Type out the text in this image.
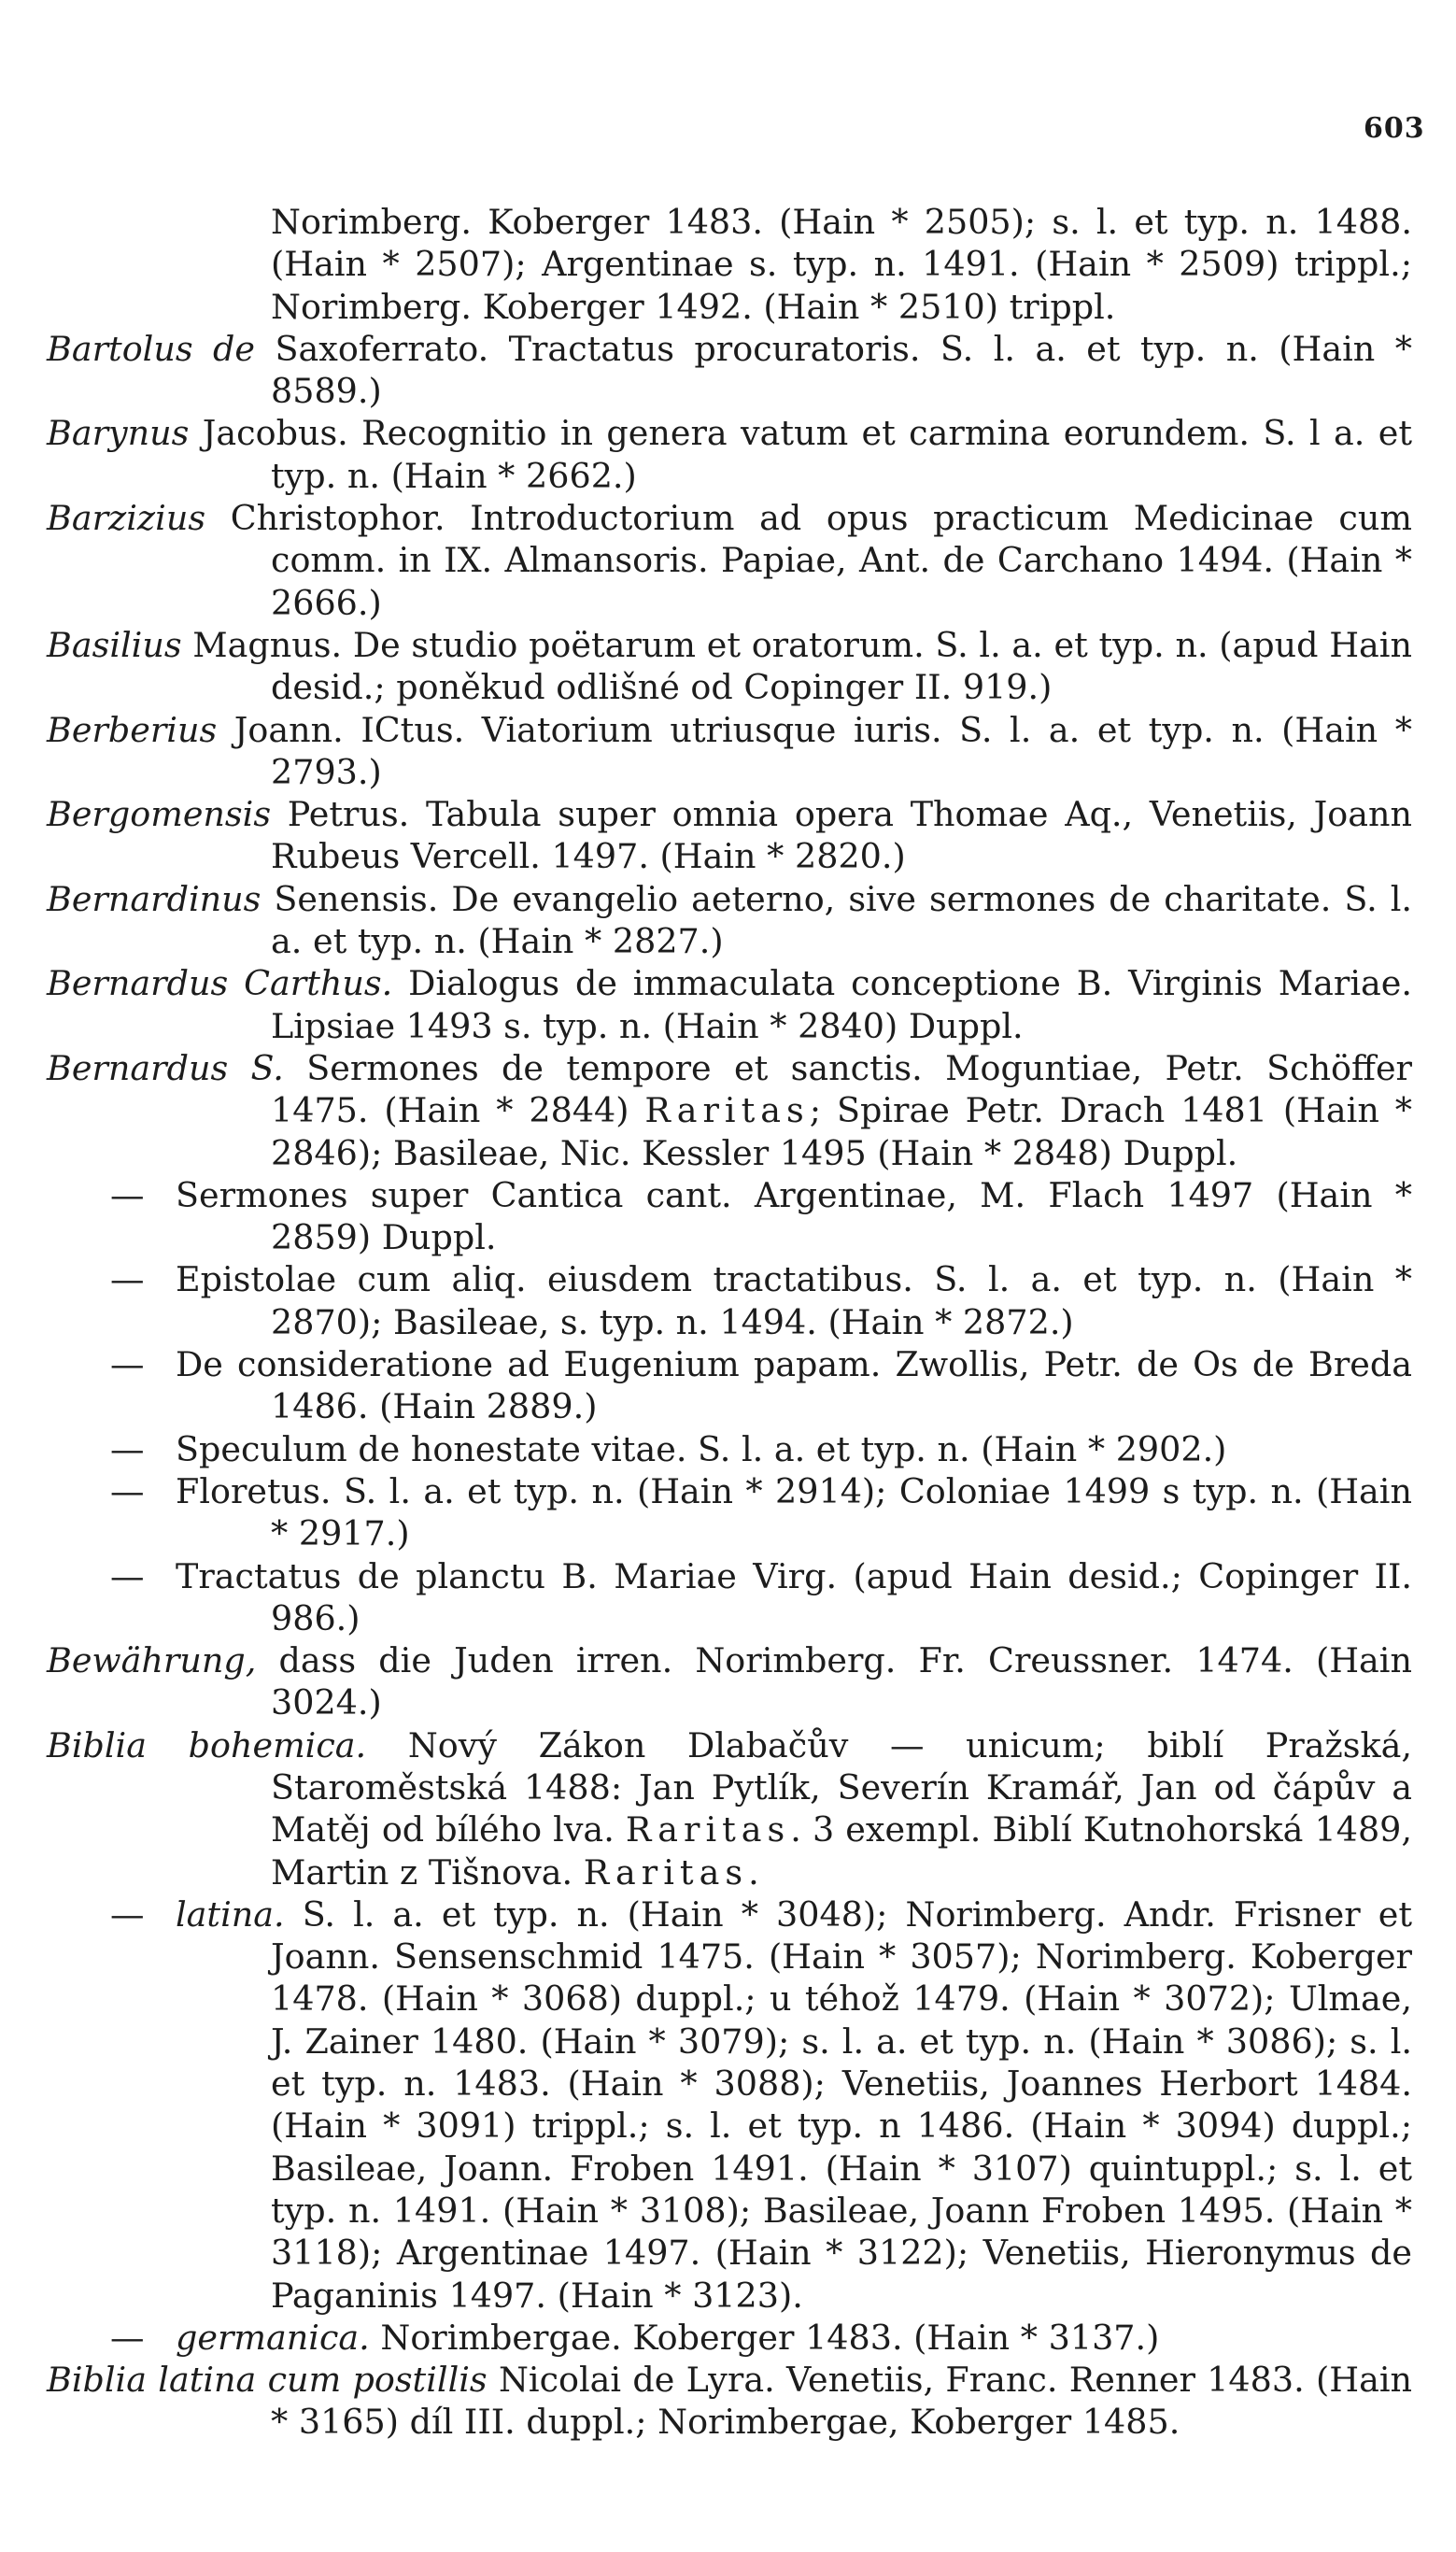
603

Norimberg. Koberger 1483. (Hain * 2505); s. l. et typ. n. 1488. (Hain * 2507); Argentinae s. typ. n. 1491. (Hain * 2509) trippl.; Norimberg. Koberger 1492. (Hain * 2510) trippl.

Bartolus de Saxoferrato. Tractatus procuratoris. S. l. a. et typ. n. (Hain * 8589.)

Barynus Jacobus. Recognitio in genera vatum et carmina eorundem. S. l a. et typ. n. (Hain * 2662.)

Barzizius Christophor. Introductorium ad opus practicum Medicinae cum comm. in IX. Almansoris. Papiae, Ant. de Carchano 1494. (Hain * 2666.)

Basilius Magnus. De studio poëtarum et oratorum. S. l. a. et typ. n. (apud Hain desid.; poněkud odlišné od Copinger II. 919.)

Berberius Joann. ICtus. Viatorium utriusque iuris. S. l. a. et typ. n. (Hain * 2793.)

Bergomensis Petrus. Tabula super omnia opera Thomae Aq., Venetiis, Joann Rubeus Vercell. 1497. (Hain * 2820.)

Bernardinus Senensis. De evangelio aeterno, sive sermones de charitate. S. l. a. et typ. n. (Hain * 2827.)

Bernardus Carthus. Dialogus de immaculata conceptione B. Virginis Mariae. Lipsiae 1493 s. typ. n. (Hain * 2840) Duppl.

Bernardus S. Sermones de tempore et sanctis. Moguntiae, Petr. Schöffer 1475. (Hain * 2844) Raritas; Spirae Petr. Drach 1481 (Hain * 2846); Basileae, Nic. Kessler 1495 (Hain * 2848) Duppl.

— Sermones super Cantica cant. Argentinae, M. Flach 1497 (Hain * 2859) Duppl.

— Epistolae cum aliq. eiusdem tractatibus. S. l. a. et typ. n. (Hain * 2870); Basileae, s. typ. n. 1494. (Hain * 2872.)

— De consideratione ad Eugenium papam. Zwollis, Petr. de Os de Breda 1486. (Hain 2889.)

— Speculum de honestate vitae. S. l. a. et typ. n. (Hain * 2902.)

— Floretus. S. l. a. et typ. n. (Hain * 2914); Coloniae 1499 s typ. n. (Hain * 2917.)

— Tractatus de planctu B. Mariae Virg. (apud Hain desid.; Copinger II. 986.)

Bewährung, dass die Juden irren. Norimberg. Fr. Creussner. 1474. (Hain 3024.)

Biblia bohemica. Nový Zákon Dlabačův — unicum; biblí Pražská, Staroměstská 1488: Jan Pytlík, Severín Kramář, Jan od čápův a Matěj od bílého lva. Raritas. 3 exempl. Biblí Kutnohorská 1489, Martin z Tišnova. Raritas.

— latina. S. l. a. et typ. n. (Hain * 3048); Norimberg. Andr. Frisner et Joann. Sensenschmid 1475. (Hain * 3057); Norimberg. Koberger 1478. (Hain * 3068) duppl.; u téhož 1479. (Hain * 3072); Ulmae, J. Zainer 1480. (Hain * 3079); s. l. a. et typ. n. (Hain * 3086); s. l. et typ. n. 1483. (Hain * 3088); Venetiis, Joannes Herbort 1484. (Hain * 3091) trippl.; s. l. et typ. n 1486. (Hain * 3094) duppl.; Basileae, Joann. Froben 1491. (Hain * 3107) quintuppl.; s. l. et typ. n. 1491. (Hain * 3108); Basileae, Joann Froben 1495. (Hain * 3118); Argentinae 1497. (Hain * 3122); Venetiis, Hieronymus de Paganinis 1497. (Hain * 3123).

— germanica. Norimbergae. Koberger 1483. (Hain * 3137.)

Biblia latina cum postillis Nicolai de Lyra. Venetiis, Franc. Renner 1483. (Hain * 3165) díl III. duppl.; Norimbergae, Koberger 1485.
